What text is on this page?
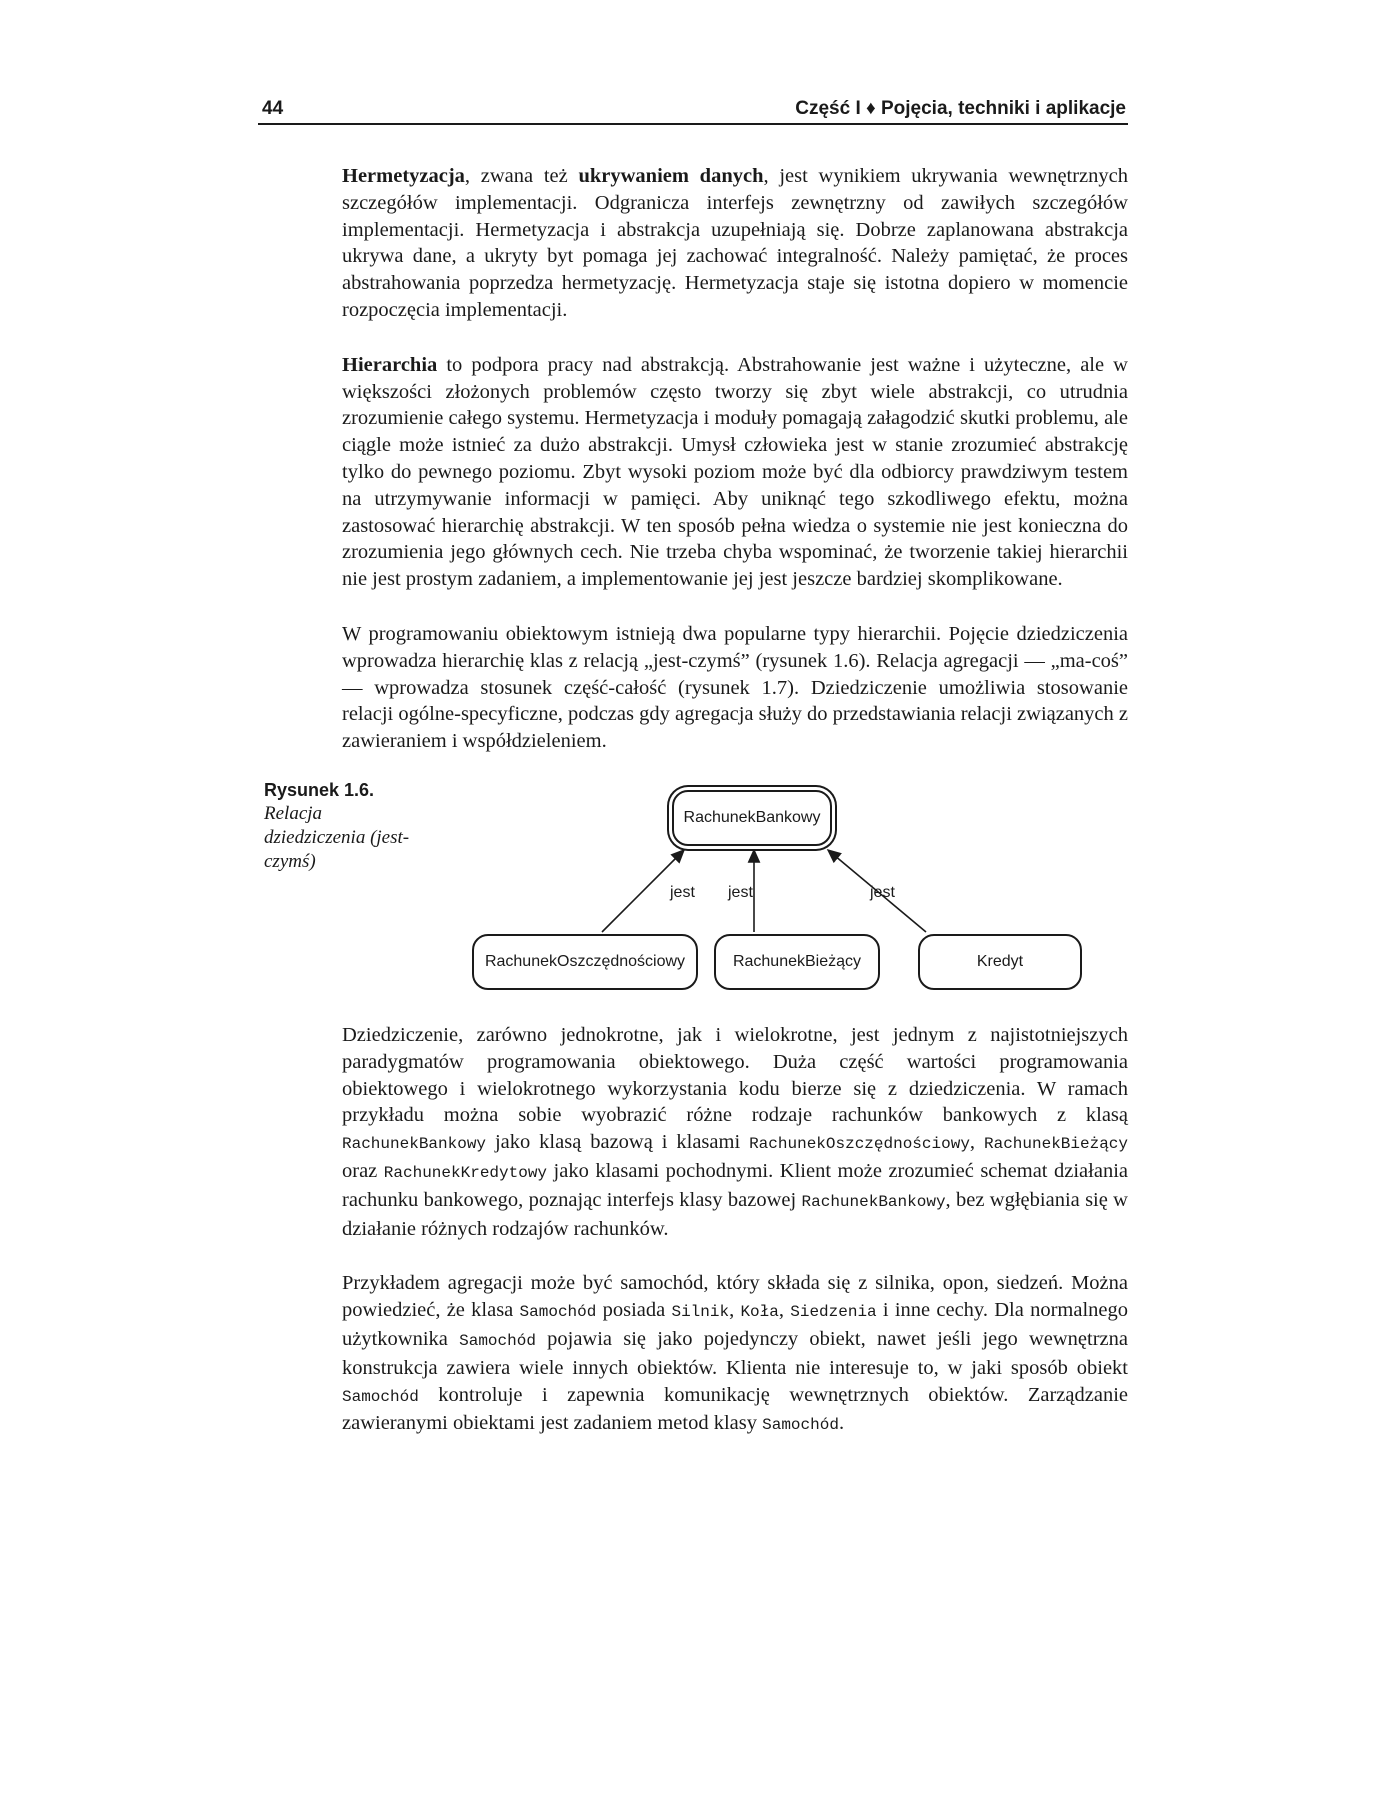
44	Część I ♦ Pojęcia, techniki i aplikacje

Hermetyzacja, zwana też ukrywaniem danych, jest wynikiem ukrywania wewnętrznych szczegółów implementacji. Odgranicza interfejs zewnętrzny od zawiłych szczegółów implementacji. Hermetyzacja i abstrakcja uzupełniają się. Dobrze zaplanowana abstrakcja ukrywa dane, a ukryty byt pomaga jej zachować integralność. Należy pamiętać, że proces abstrahowania poprzedza hermetyzację. Hermetyzacja staje się istotna dopiero w momencie rozpoczęcia implementacji.

Hierarchia to podpora pracy nad abstrakcją. Abstrahowanie jest ważne i użyteczne, ale w większości złożonych problemów często tworzy się zbyt wiele abstrakcji, co utrudnia zrozumienie całego systemu. Hermetyzacja i moduły pomagają załagodzić skutki problemu, ale ciągle może istnieć za dużo abstrakcji. Umysł człowieka jest w stanie zrozumieć abstrakcję tylko do pewnego poziomu. Zbyt wysoki poziom może być dla odbiorcy prawdziwym testem na utrzymywanie informacji w pamięci. Aby uniknąć tego szkodliwego efektu, można zastosować hierarchię abstrakcji. W ten sposób pełna wiedza o systemie nie jest konieczna do zrozumienia jego głównych cech. Nie trzeba chyba wspominać, że tworzenie takiej hierarchii nie jest prostym zadaniem, a implementowanie jej jest jeszcze bardziej skomplikowane.

W programowaniu obiektowym istnieją dwa popularne typy hierarchii. Pojęcie dziedziczenia wprowadza hierarchię klas z relacją „jest-czymś” (rysunek 1.6). Relacja agregacji — „ma-coś” — wprowadza stosunek część-całość (rysunek 1.7). Dziedziczenie umożliwia stosowanie relacji ogólne-specyficzne, podczas gdy agregacja służy do przedstawiania relacji związanych z zawieraniem i współdzieleniem.

Rysunek 1.6.
Relacja dziedziczenia (jest-czymś)
RachunekBankowy
jest jest	jest
RachunekOszczędnościowy	RachunekBieżący	Kredyt

Dziedziczenie, zarówno jednokrotne, jak i wielokrotne, jest jednym z najistotniejszych paradygmatów programowania obiektowego. Duża część wartości programowania obiektowego i wielokrotnego wykorzystania kodu bierze się z dziedziczenia. W ramach przykładu można sobie wyobrazić różne rodzaje rachunków bankowych z klasą RachunekBankowy jako klasą bazową i klasami RachunekOszczędnościowy, RachunekBieżący oraz RachunekKredytowy jako klasami pochodnymi. Klient może zrozumieć schemat działania rachunku bankowego, poznając interfejs klasy bazowej RachunekBankowy, bez wgłębiania się w działanie różnych rodzajów rachunków.

Przykładem agregacji może być samochód, który składa się z silnika, opon, siedzeń. Można powiedzieć, że klasa Samochód posiada Silnik, Koła, Siedzenia i inne cechy. Dla normalnego użytkownika Samochód pojawia się jako pojedynczy obiekt, nawet jeśli jego wewnętrzna konstrukcja zawiera wiele innych obiektów. Klienta nie interesuje to, w jaki sposób obiekt Samochód kontroluje i zapewnia komunikację wewnętrznych obiektów. Zarządzanie zawieranymi obiektami jest zadaniem metod klasy Samochód.
